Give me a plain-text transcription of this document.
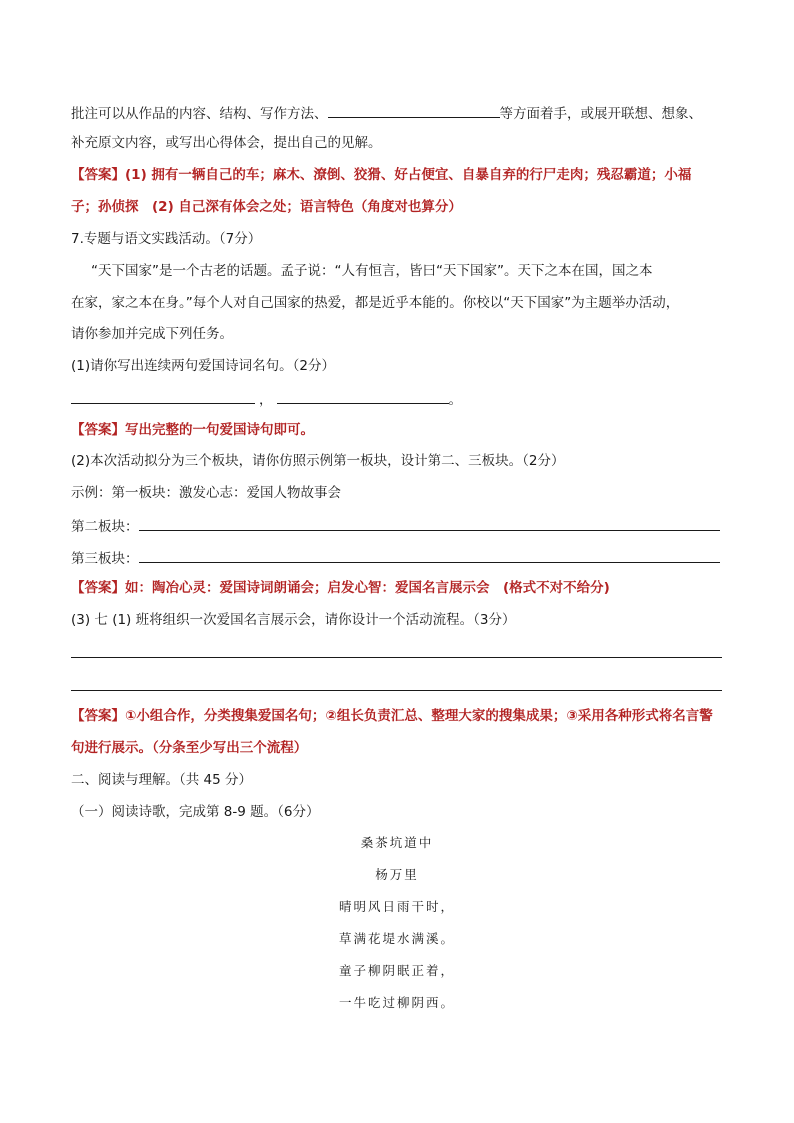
批注可以从作品的内容、结构、写作方法、	等方面着手，或展开联想、想象、
补充原文内容，或写出心得体会，提出自己的见解。
【答案】(1) 拥有一辆自己的车；麻木、潦倒、狡猾、好占便宜、自暴自弃的行尸走肉；残忍霸道；小福
子；孙侦探　(2) 自己深有体会之处；语言特色（角度对也算分）
7.专题与语文实践活动。（7分）
“天下国家”是一个古老的话题。孟子说：“人有恒言，皆曰“天下国家”。天下之本在国，国之本
在家，家之本在身。”每个人对自己国家的热爱，都是近乎本能的。你校以“天下国家”为主题举办活动，
请你参加并完成下列任务。
(1)请你写出连续两句爱国诗词名句。（2分）
，	。
【答案】写出完整的一句爱国诗句即可。
(2)本次活动拟分为三个板块，请你仿照示例第一板块，设计第二、三板块。（2分）
示例：第一板块：激发心志：爱国人物故事会
第二板块：
第三板块：
【答案】如：陶冶心灵：爱国诗词朗诵会；启发心智：爱国名言展示会　(格式不对不给分)
(3) 七 (1) 班将组织一次爱国名言展示会，请你设计一个活动流程。（3分）
【答案】①小组合作，分类搜集爱国名句；②组长负责汇总、整理大家的搜集成果；③采用各种形式将名言警
句进行展示。（分条至少写出三个流程）
二、阅读与理解。（共 45 分）
（一）阅读诗歌，完成第 8-9 题。（6分）
桑茶坑道中
杨万里
晴明风日雨干时，
草满花堤水满溪。
童子柳阴眠正着，
一牛吃过柳阴西。
